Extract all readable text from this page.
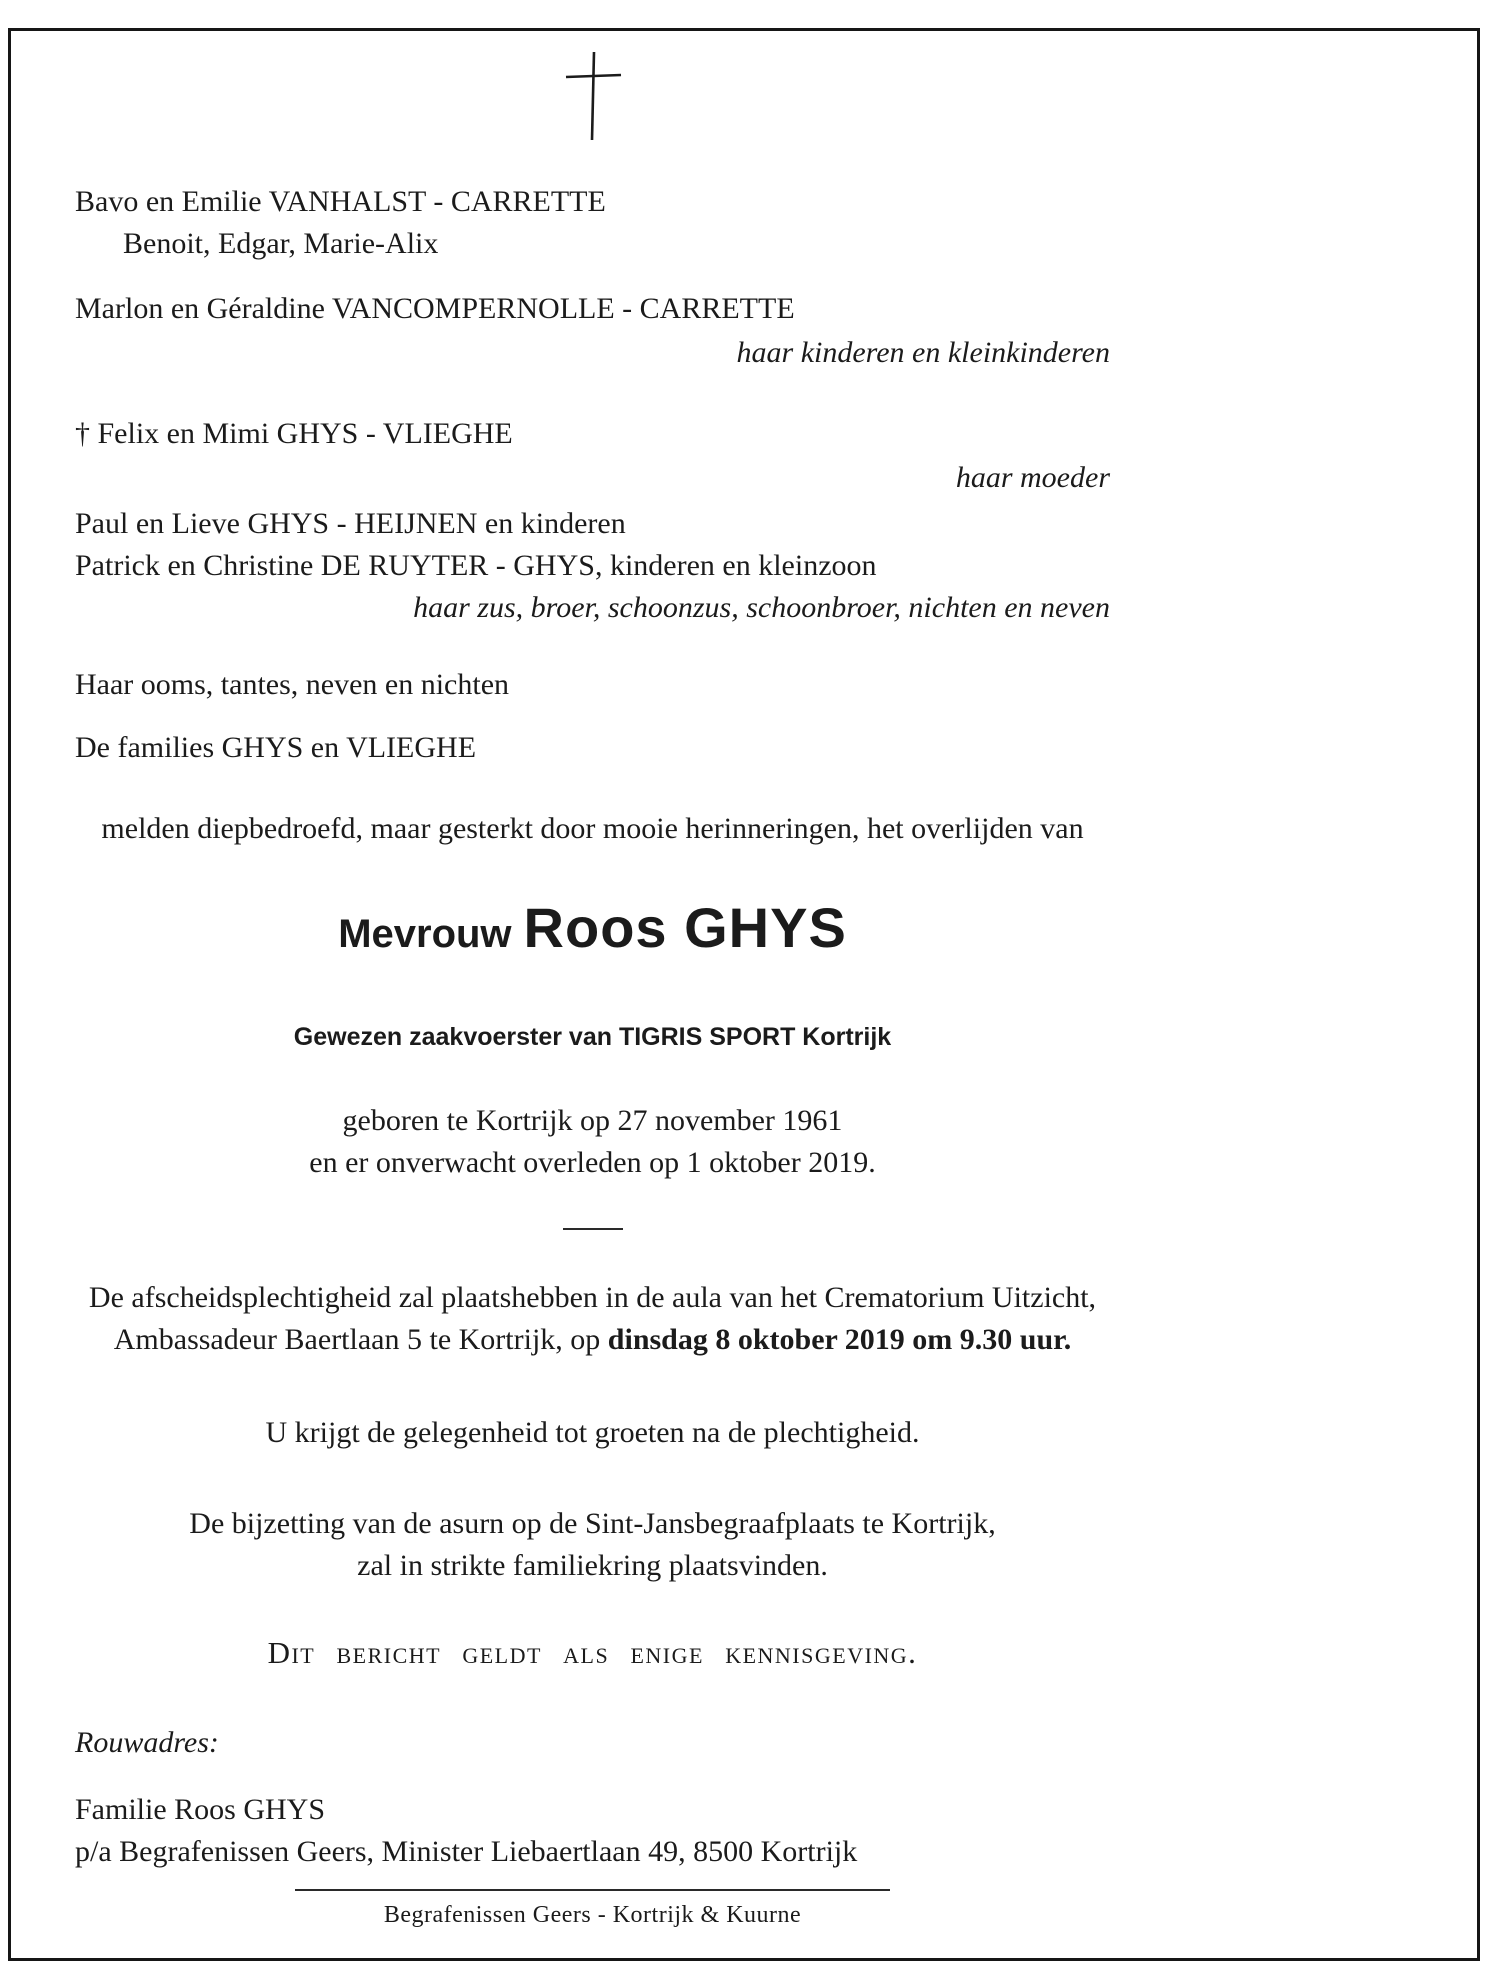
Bavo en Emilie VANHALST - CARRETTE
Benoit, Edgar, Marie-Alix
Marlon en Géraldine VANCOMPERNOLLE - CARRETTE
haar kinderen en kleinkinderen
† Felix en Mimi GHYS - VLIEGHE
haar moeder
Paul en Lieve GHYS - HEIJNEN en kinderen
Patrick en Christine DE RUYTER - GHYS, kinderen en kleinzoon
haar zus, broer, schoonzus, schoonbroer, nichten en neven
Haar ooms, tantes, neven en nichten
De families GHYS en VLIEGHE
melden diepbedroefd, maar gesterkt door mooie herinneringen, het overlijden van
Mevrouw Roos GHYS
Gewezen zaakvoerster van TIGRIS SPORT Kortrijk
geboren te Kortrijk op 27 november 1961
en er onverwacht overleden op 1 oktober 2019.
De afscheidsplechtigheid zal plaatshebben in de aula van het Crematorium Uitzicht,
Ambassadeur Baertlaan 5 te Kortrijk, op dinsdag 8 oktober 2019 om 9.30 uur.
U krijgt de gelegenheid tot groeten na de plechtigheid.
De bijzetting van de asurn op de Sint-Jansbegraafplaats te Kortrijk,
zal in strikte familiekring plaatsvinden.
Dit bericht geldt als enige kennisgeving.
Rouwadres:
Familie Roos GHYS
p/a Begrafenissen Geers, Minister Liebaertlaan 49, 8500 Kortrijk
Begrafenissen Geers - Kortrijk & Kuurne
